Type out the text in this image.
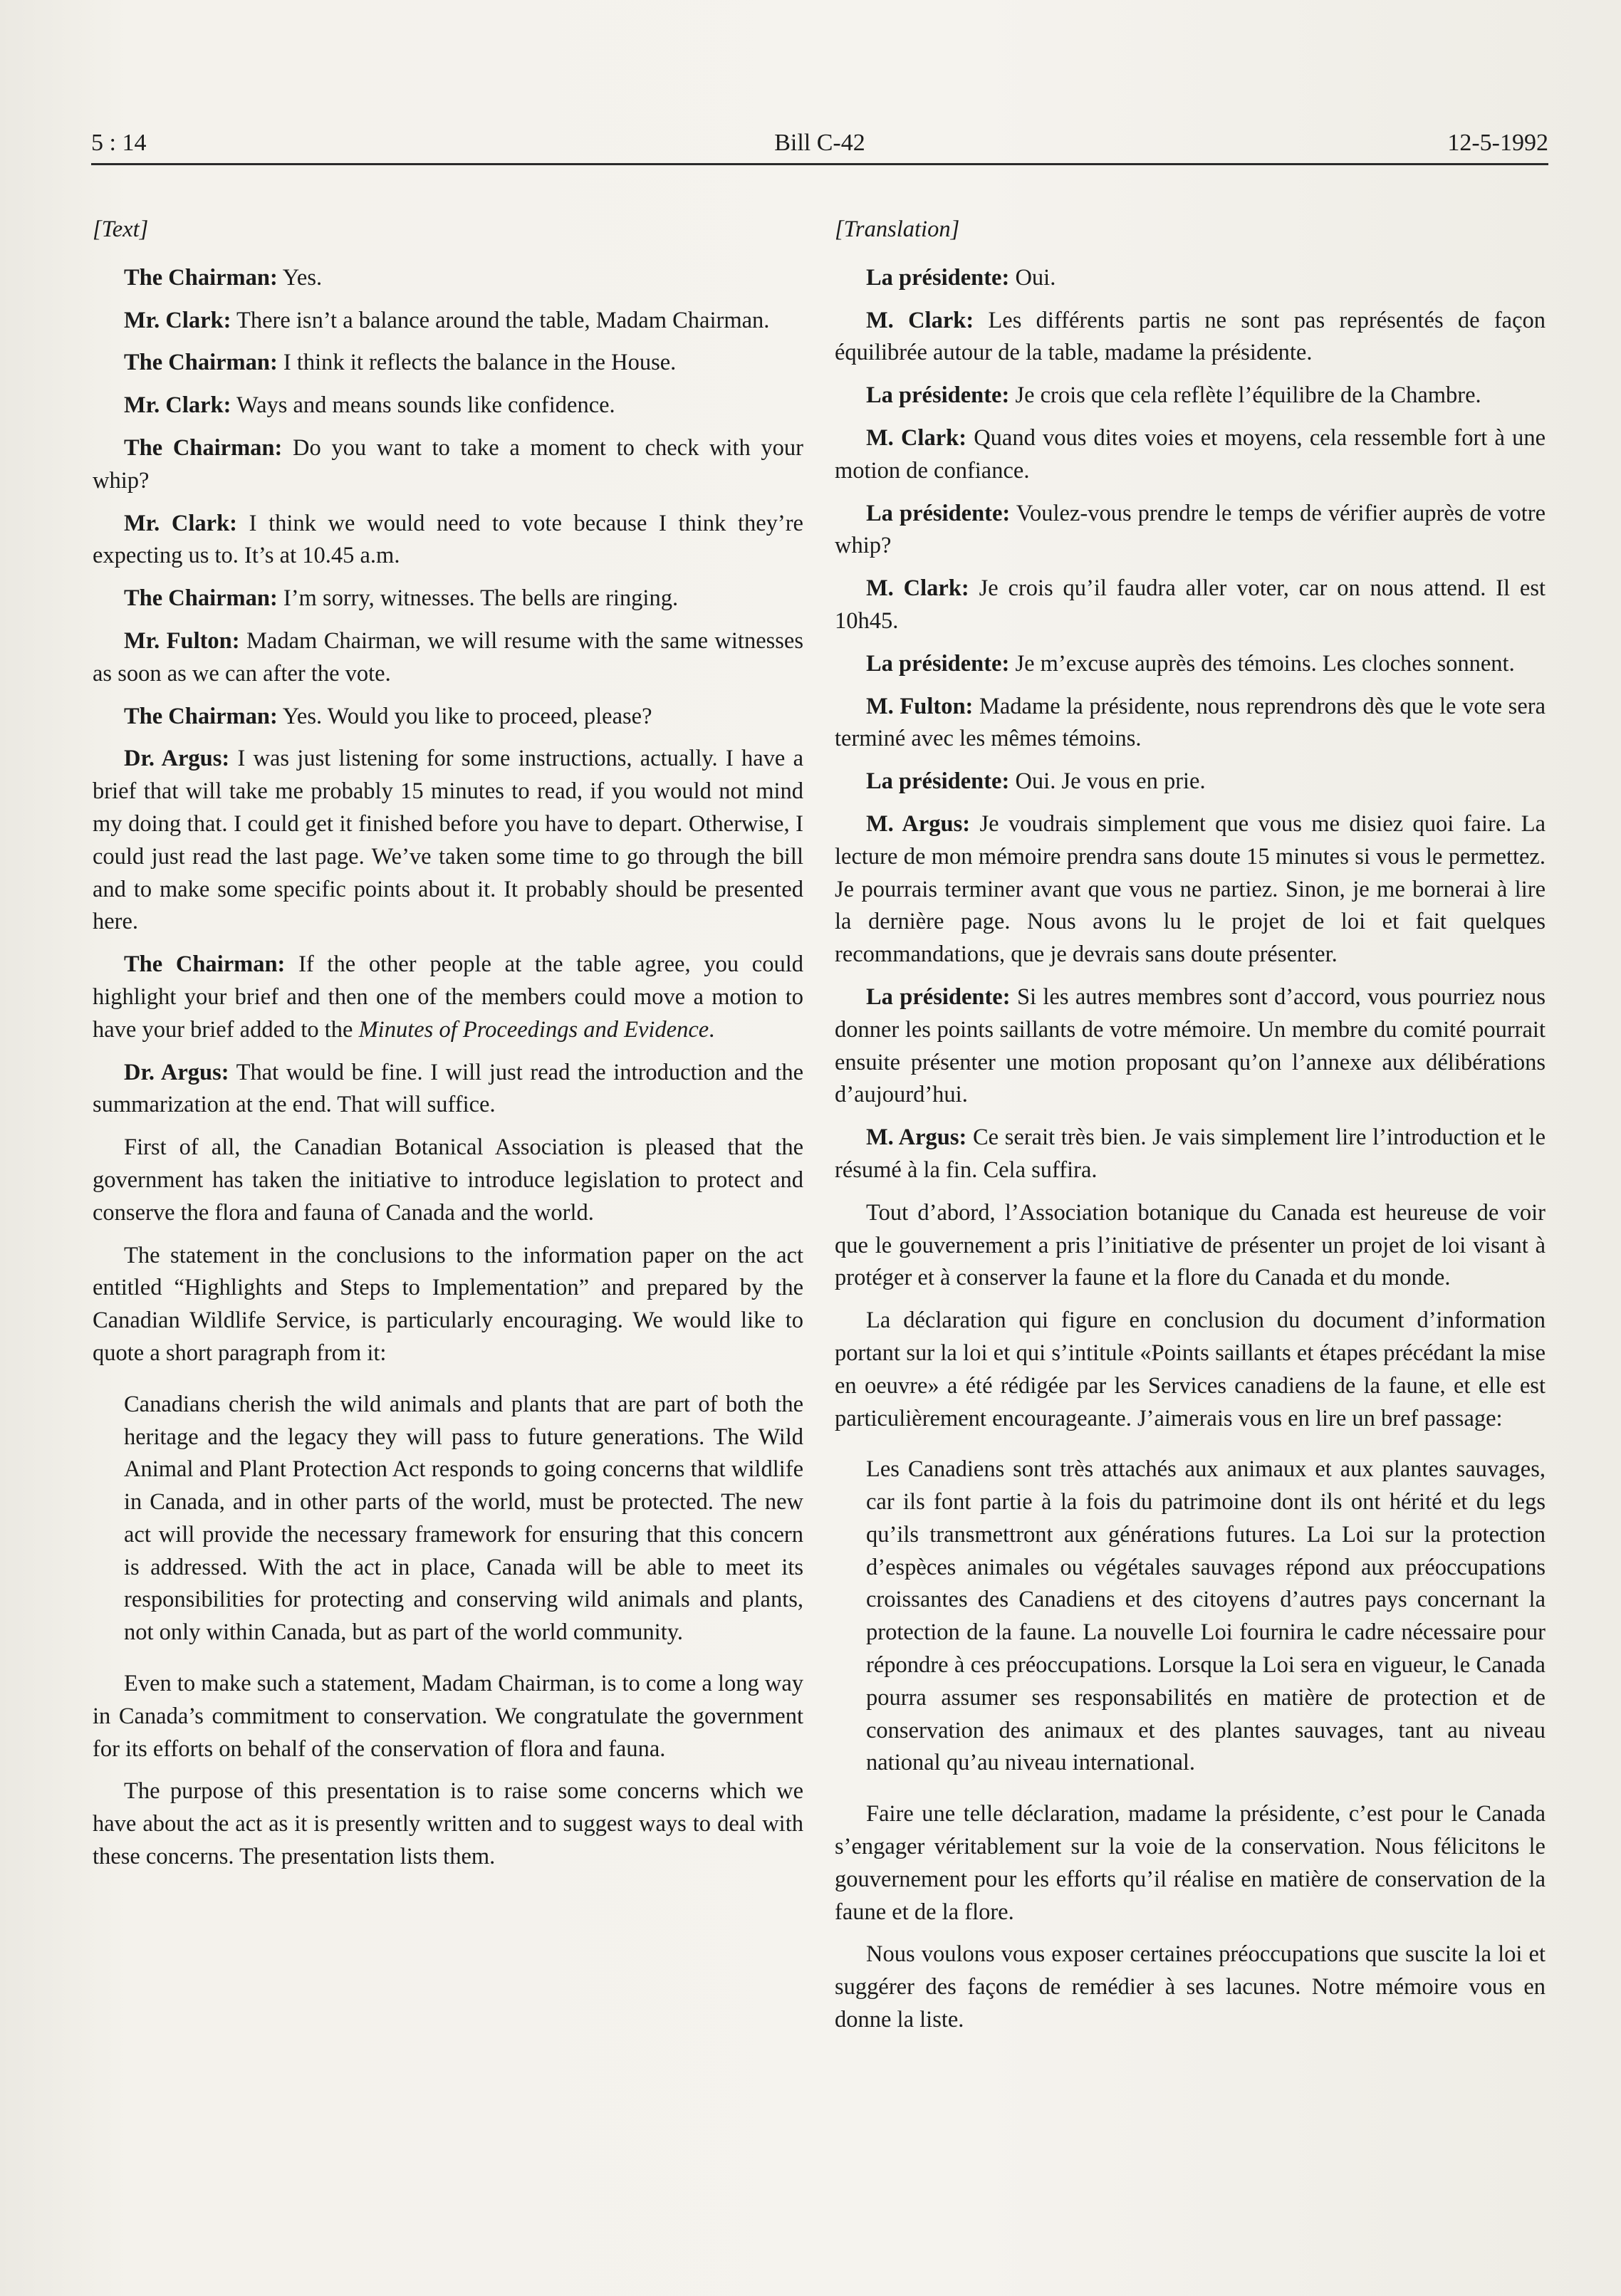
5 : 14	Bill C-42	12-5-1992

[Text]

The Chairman: Yes.

Mr. Clark: There isn’t a balance around the table, Madam Chairman.

The Chairman: I think it reflects the balance in the House.

Mr. Clark: Ways and means sounds like confidence.

The Chairman: Do you want to take a moment to check with your whip?

Mr. Clark: I think we would need to vote because I think they’re expecting us to. It’s at 10.45 a.m.

The Chairman: I’m sorry, witnesses. The bells are ringing.

Mr. Fulton: Madam Chairman, we will resume with the same witnesses as soon as we can after the vote.

The Chairman: Yes. Would you like to proceed, please?

Dr. Argus: I was just listening for some instructions, actually. I have a brief that will take me probably 15 minutes to read, if you would not mind my doing that. I could get it finished before you have to depart. Otherwise, I could just read the last page. We’ve taken some time to go through the bill and to make some specific points about it. It probably should be presented here.

The Chairman: If the other people at the table agree, you could highlight your brief and then one of the members could move a motion to have your brief added to the Minutes of Proceedings and Evidence.

Dr. Argus: That would be fine. I will just read the introduction and the summarization at the end. That will suffice.

First of all, the Canadian Botanical Association is pleased that the government has taken the initiative to introduce legislation to protect and conserve the flora and fauna of Canada and the world.

The statement in the conclusions to the information paper on the act entitled “Highlights and Steps to Implementation” and prepared by the Canadian Wildlife Service, is particularly encouraging. We would like to quote a short paragraph from it:

Canadians cherish the wild animals and plants that are part of both the heritage and the legacy they will pass to future generations. The Wild Animal and Plant Protection Act responds to going concerns that wildlife in Canada, and in other parts of the world, must be protected. The new act will provide the necessary framework for ensuring that this concern is addressed. With the act in place, Canada will be able to meet its responsibilities for protecting and conserving wild animals and plants, not only within Canada, but as part of the world community.

Even to make such a statement, Madam Chairman, is to come a long way in Canada’s commitment to conservation. We congratulate the government for its efforts on behalf of the conservation of flora and fauna.

The purpose of this presentation is to raise some concerns which we have about the act as it is presently written and to suggest ways to deal with these concerns. The presentation lists them.

[Translation]

La présidente: Oui.

M. Clark: Les différents partis ne sont pas représentés de façon équilibrée autour de la table, madame la présidente.

La présidente: Je crois que cela reflète l’équilibre de la Chambre.

M. Clark: Quand vous dites voies et moyens, cela ressemble fort à une motion de confiance.

La présidente: Voulez-vous prendre le temps de vérifier auprès de votre whip?

M. Clark: Je crois qu’il faudra aller voter, car on nous attend. Il est 10h45.

La présidente: Je m’excuse auprès des témoins. Les cloches sonnent.

M. Fulton: Madame la présidente, nous reprendrons dès que le vote sera terminé avec les mêmes témoins.

La présidente: Oui. Je vous en prie.

M. Argus: Je voudrais simplement que vous me disiez quoi faire. La lecture de mon mémoire prendra sans doute 15 minutes si vous le permettez. Je pourrais terminer avant que vous ne partiez. Sinon, je me bornerai à lire la dernière page. Nous avons lu le projet de loi et fait quelques recommandations, que je devrais sans doute présenter.

La présidente: Si les autres membres sont d’accord, vous pourriez nous donner les points saillants de votre mémoire. Un membre du comité pourrait ensuite présenter une motion proposant qu’on l’annexe aux délibérations d’aujourd’hui.

M. Argus: Ce serait très bien. Je vais simplement lire l’introduction et le résumé à la fin. Cela suffira.

Tout d’abord, l’Association botanique du Canada est heureuse de voir que le gouvernement a pris l’initiative de présenter un projet de loi visant à protéger et à conserver la faune et la flore du Canada et du monde.

La déclaration qui figure en conclusion du document d’information portant sur la loi et qui s’intitule «Points saillants et étapes précédant la mise en oeuvre» a été rédigée par les Services canadiens de la faune, et elle est particulièrement encourageante. J’aimerais vous en lire un bref passage:

Les Canadiens sont très attachés aux animaux et aux plantes sauvages, car ils font partie à la fois du patrimoine dont ils ont hérité et du legs qu’ils transmettront aux générations futures. La Loi sur la protection d’espèces animales ou végétales sauvages répond aux préoccupations croissantes des Canadiens et des citoyens d’autres pays concernant la protection de la faune. La nouvelle Loi fournira le cadre nécessaire pour répondre à ces préoccupations. Lorsque la Loi sera en vigueur, le Canada pourra assumer ses responsabilités en matière de protection et de conservation des animaux et des plantes sauvages, tant au niveau national qu’au niveau international.

Faire une telle déclaration, madame la présidente, c’est pour le Canada s’engager véritablement sur la voie de la conservation. Nous félicitons le gouvernement pour les efforts qu’il réalise en matière de conservation de la faune et de la flore.

Nous voulons vous exposer certaines préoccupations que suscite la loi et suggérer des façons de remédier à ses lacunes. Notre mémoire vous en donne la liste.
